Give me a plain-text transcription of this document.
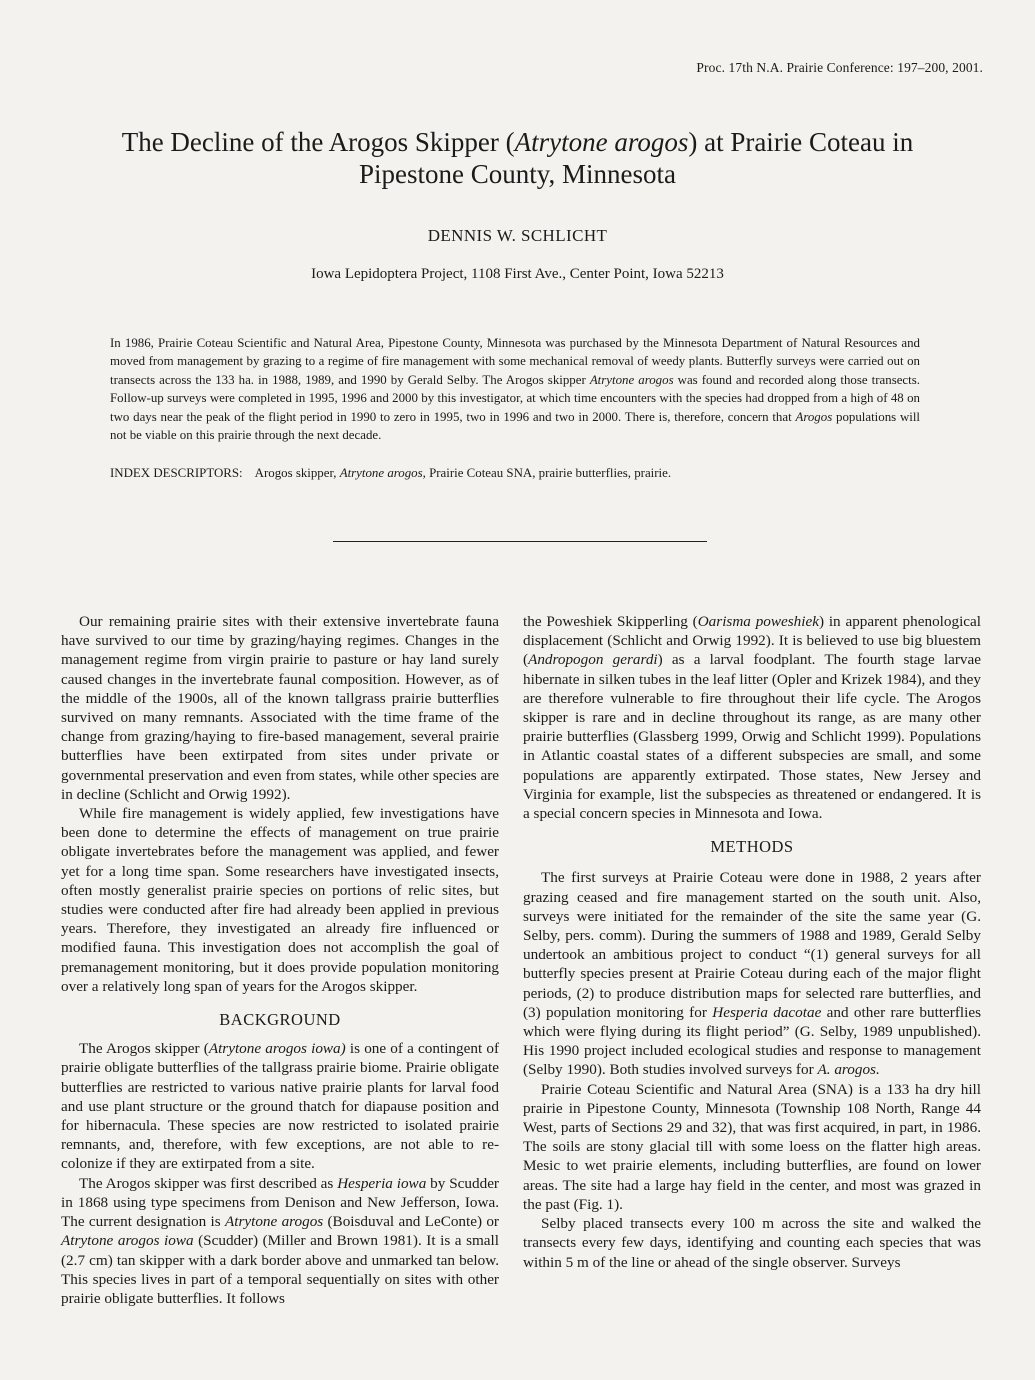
Proc. 17th N.A. Prairie Conference: 197–200, 2001.
The Decline of the Arogos Skipper (Atrytone arogos) at Prairie Coteau in
Pipestone County, Minnesota
DENNIS W. SCHLICHT
Iowa Lepidoptera Project, 1108 First Ave., Center Point, Iowa 52213

In 1986, Prairie Coteau Scientific and Natural Area, Pipestone County, Minnesota was purchased by the Minnesota Department of Natural Resources and moved from management by grazing to a regime of fire management with some mechanical removal of weedy plants. Butterfly surveys were carried out on transects across the 133 ha. in 1988, 1989, and 1990 by Gerald Selby. The Arogos skipper Atrytone arogos was found and recorded along those transects. Follow-up surveys were completed in 1995, 1996 and 2000 by this investigator, at which time encounters with the species had dropped from a high of 48 on two days near the peak of the flight period in 1990 to zero in 1995, two in 1996 and two in 2000. There is, therefore, concern that Arogos populations will not be viable on this prairie through the next decade.

INDEX DESCRIPTORS: Arogos skipper, Atrytone arogos, Prairie Coteau SNA, prairie butterflies, prairie.

Our remaining prairie sites with their extensive invertebrate fauna have survived to our time by grazing/haying regimes. Changes in the management regime from virgin prairie to pasture or hay land surely caused changes in the invertebrate faunal composition. However, as of the middle of the 1900s, all of the known tallgrass prairie butterflies survived on many remnants. Associated with the time frame of the change from grazing/haying to fire-based management, several prairie butterflies have been extirpated from sites under private or governmental preservation and even from states, while other species are in decline (Schlicht and Orwig 1992).

While fire management is widely applied, few investigations have been done to determine the effects of management on true prairie obligate invertebrates before the management was applied, and fewer yet for a long time span. Some researchers have investigated insects, often mostly generalist prairie species on portions of relic sites, but studies were conducted after fire had already been applied in previous years. Therefore, they investigated an already fire influenced or modified fauna. This investigation does not accomplish the goal of premanagement monitoring, but it does provide population monitoring over a relatively long span of years for the Arogos skipper.

BACKGROUND

The Arogos skipper (Atrytone arogos iowa) is one of a contingent of prairie obligate butterflies of the tallgrass prairie biome. Prairie obligate butterflies are restricted to various native prairie plants for larval food and use plant structure or the ground thatch for diapause position and for hibernacula. These species are now restricted to isolated prairie remnants, and, therefore, with few exceptions, are not able to re-colonize if they are extirpated from a site.

The Arogos skipper was first described as Hesperia iowa by Scudder in 1868 using type specimens from Denison and New Jefferson, Iowa. The current designation is Atrytone arogos (Boisduval and LeConte) or Atrytone arogos iowa (Scudder) (Miller and Brown 1981). It is a small (2.7 cm) tan skipper with a dark border above and unmarked tan below. This species lives in part of a temporal sequentially on sites with other prairie obligate butterflies. It follows

the Poweshiek Skipperling (Oarisma poweshiek) in apparent phenological displacement (Schlicht and Orwig 1992). It is believed to use big bluestem (Andropogon gerardi) as a larval foodplant. The fourth stage larvae hibernate in silken tubes in the leaf litter (Opler and Krizek 1984), and they are therefore vulnerable to fire throughout their life cycle. The Arogos skipper is rare and in decline throughout its range, as are many other prairie butterflies (Glassberg 1999, Orwig and Schlicht 1999). Populations in Atlantic coastal states of a different subspecies are small, and some populations are apparently extirpated. Those states, New Jersey and Virginia for example, list the subspecies as threatened or endangered. It is a special concern species in Minnesota and Iowa.

METHODS

The first surveys at Prairie Coteau were done in 1988, 2 years after grazing ceased and fire management started on the south unit. Also, surveys were initiated for the remainder of the site the same year (G. Selby, pers. comm). During the summers of 1988 and 1989, Gerald Selby undertook an ambitious project to conduct “(1) general surveys for all butterfly species present at Prairie Coteau during each of the major flight periods, (2) to produce distribution maps for selected rare butterflies, and (3) population monitoring for Hesperia dacotae and other rare butterflies which were flying during its flight period” (G. Selby, 1989 unpublished). His 1990 project included ecological studies and response to management (Selby 1990). Both studies involved surveys for A. arogos.

Prairie Coteau Scientific and Natural Area (SNA) is a 133 ha dry hill prairie in Pipestone County, Minnesota (Township 108 North, Range 44 West, parts of Sections 29 and 32), that was first acquired, in part, in 1986. The soils are stony glacial till with some loess on the flatter high areas. Mesic to wet prairie elements, including butterflies, are found on lower areas. The site had a large hay field in the center, and most was grazed in the past (Fig. 1).

Selby placed transects every 100 m across the site and walked the transects every few days, identifying and counting each species that was within 5 m of the line or ahead of the single observer. Surveys
